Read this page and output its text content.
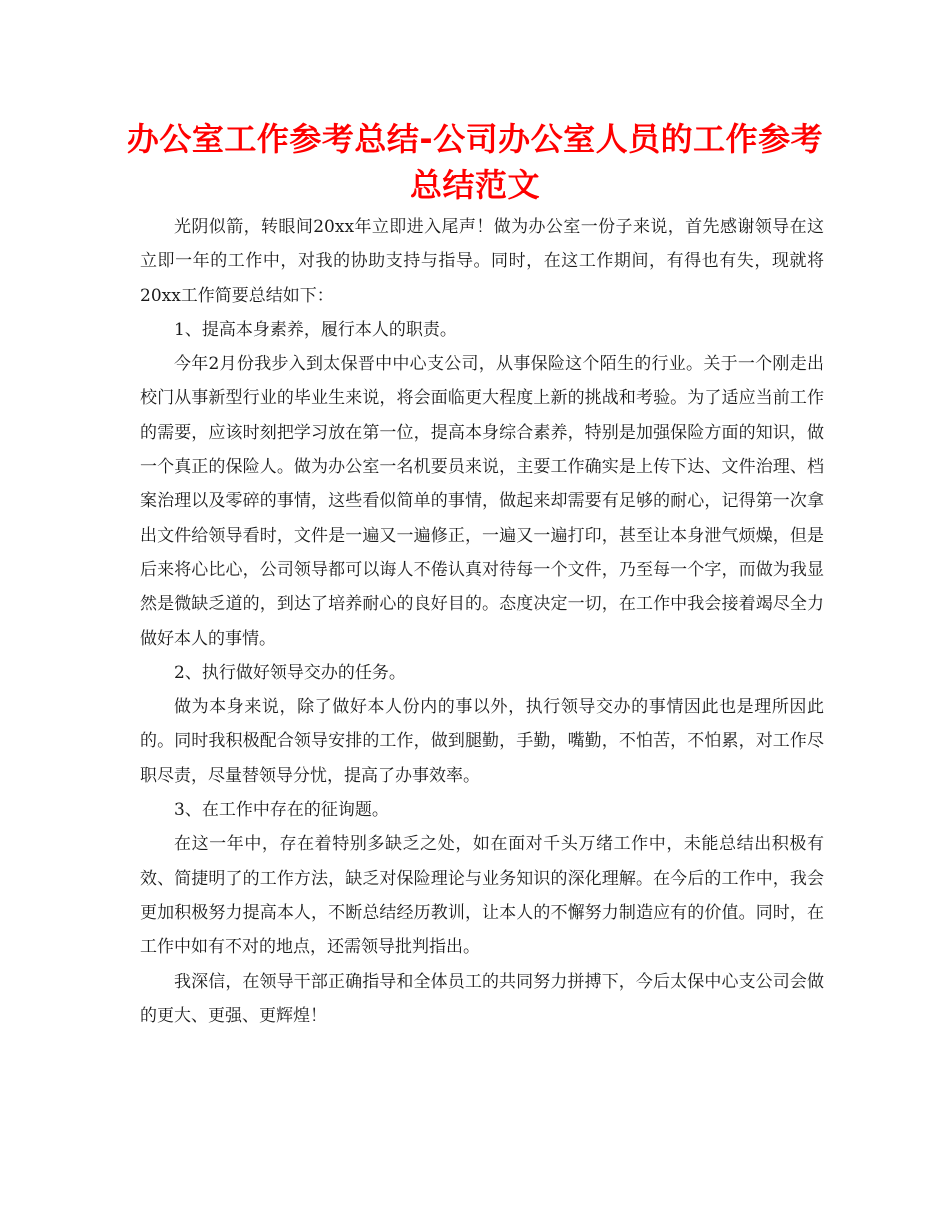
办公室工作参考总结-公司办公室人员的工作参考总结范文

光阴似箭，转眼间20xx年立即进入尾声！做为办公室一份子来说，首先感谢领导在这立即一年的工作中，对我的协助支持与指导。同时，在这工作期间，有得也有失，现就将20xx工作简要总结如下：

1、提高本身素养，履行本人的职责。

今年2月份我步入到太保晋中中心支公司，从事保险这个陌生的行业。关于一个刚走出校门从事新型行业的毕业生来说，将会面临更大程度上新的挑战和考验。为了适应当前工作的需要，应该时刻把学习放在第一位，提高本身综合素养，特别是加强保险方面的知识，做一个真正的保险人。做为办公室一名机要员来说，主要工作确实是上传下达、文件治理、档案治理以及零碎的事情，这些看似简单的事情，做起来却需要有足够的耐心，记得第一次拿出文件给领导看时，文件是一遍又一遍修正，一遍又一遍打印，甚至让本身泄气烦燥，但是后来将心比心，公司领导都可以诲人不倦认真对待每一个文件，乃至每一个字，而做为我显然是微缺乏道的，到达了培养耐心的良好目的。态度决定一切，在工作中我会接着竭尽全力做好本人的事情。

2、执行做好领导交办的任务。

做为本身来说，除了做好本人份内的事以外，执行领导交办的事情因此也是理所因此的。同时我积极配合领导安排的工作，做到腿勤，手勤，嘴勤，不怕苦，不怕累，对工作尽职尽责，尽量替领导分忧，提高了办事效率。

3、在工作中存在的征询题。

在这一年中，存在着特别多缺乏之处，如在面对千头万绪工作中，未能总结出积极有效、简捷明了的工作方法，缺乏对保险理论与业务知识的深化理解。在今后的工作中，我会更加积极努力提高本人，不断总结经历教训，让本人的不懈努力制造应有的价值。同时，在工作中如有不对的地点，还需领导批判指出。

我深信，在领导干部正确指导和全体员工的共同努力拼搏下，今后太保中心支公司会做的更大、更强、更辉煌！
